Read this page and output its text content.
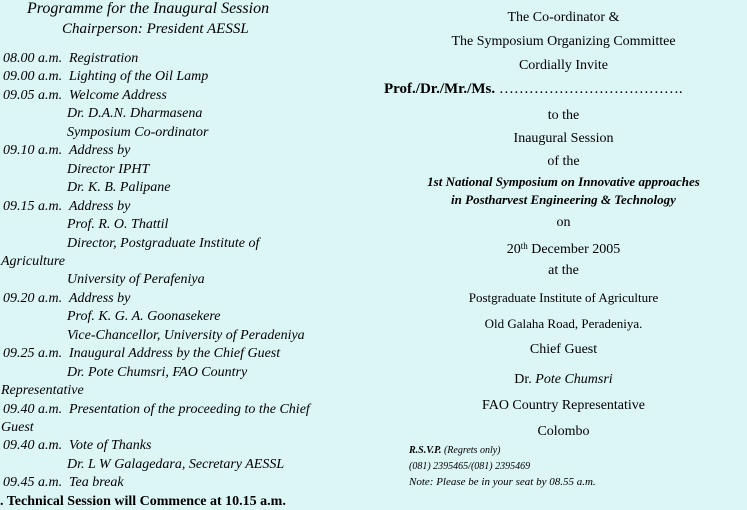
Programme for the Inaugural Session
Chairperson: President AESSL
08.00 a.m. Registration
09.00 a.m. Lighting of the Oil Lamp
09.05 a.m. Welcome Address
Dr. D.A.N. Dharmasena
Symposium Co-ordinator
09.10 a.m. Address by
Director IPHT
Dr. K. B. Palipane
09.15 a.m. Address by
Prof. R. O. Thattil
Director, Postgraduate Institute of
Agriculture
University of Perafeniya
09.20 a.m. Address by
Prof. K. G. A. Goonasekere
Vice-Chancellor, University of Peradeniya
09.25 a.m. Inaugural Address by the Chief Guest
Dr. Pote Chumsri, FAO Country
Representative
09.40 a.m. Presentation of the proceeding to the Chief
Guest
09.40 a.m. Vote of Thanks
Dr. L W Galagedara, Secretary AESSL
09.45 a.m. Tea break
. Technical Session will Commence at 10.15 a.m.
The Co-ordinator &
The Symposium Organizing Committee
Cordially Invite
Prof./Dr./Mr./Ms. ……………………………….
to the
Inaugural Session
of the
1st National Symposium on Innovative approaches
in Postharvest Engineering & Technology
on
20th December 2005
at the
Postgraduate Institute of Agriculture
Old Galaha Road, Peradeniya.
Chief Guest
Dr. Pote Chumsri
FAO Country Representative
Colombo
R.S.V.P. (Regrets only)
(081) 2395465/(081) 2395469
Note: Please be in your seat by 08.55 a.m.
